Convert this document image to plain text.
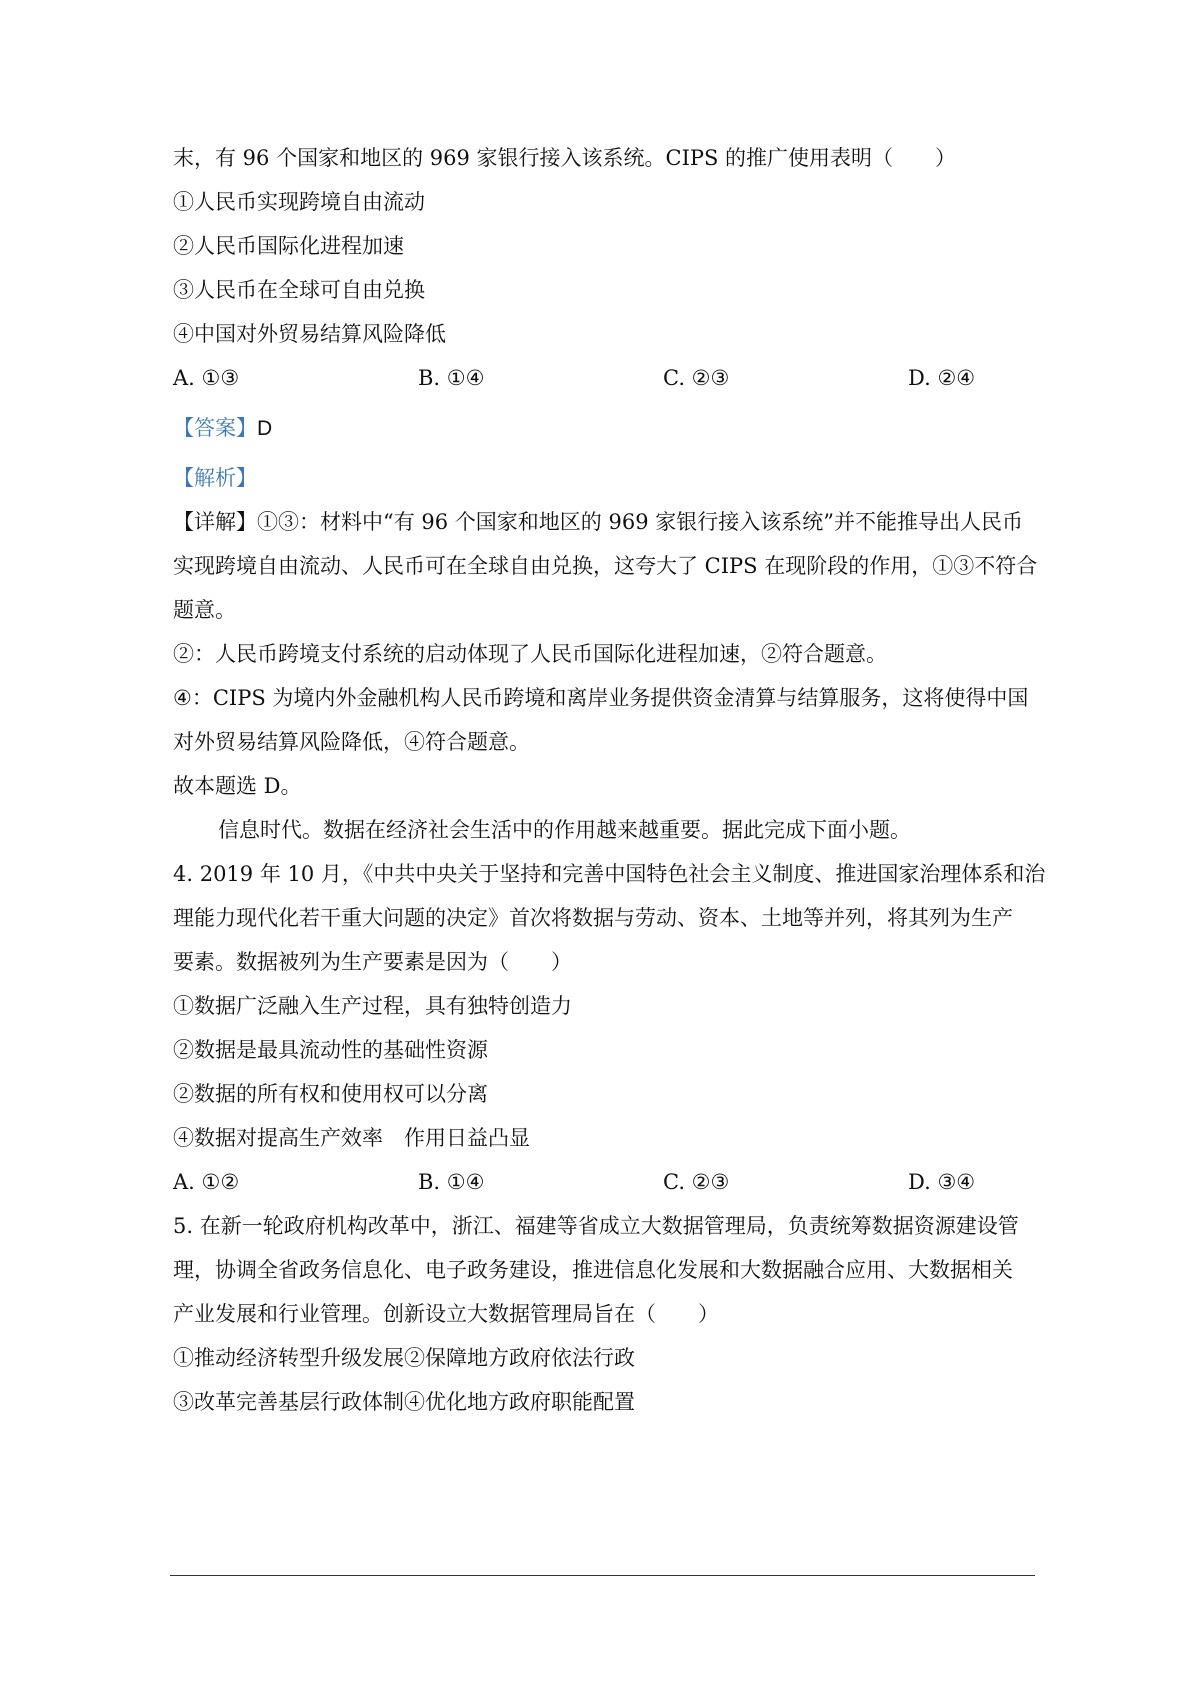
末，有 96 个国家和地区的 969 家银行接入该系统。CIPS 的推广使用表明（　　）
①人民币实现跨境自由流动
②人民币国际化进程加速
③人民币在全球可自由兑换
④中国对外贸易结算风险降低
A. ①③	B. ①④	C. ②③	D. ②④
【答案】D
【解析】
【详解】①③：材料中“有 96 个国家和地区的 969 家银行接入该系统”并不能推导出人民币
实现跨境自由流动、人民币可在全球自由兑换，这夸大了 CIPS 在现阶段的作用，①③不符合
题意。
②：人民币跨境支付系统的启动体现了人民币国际化进程加速，②符合题意。
④：CIPS 为境内外金融机构人民币跨境和离岸业务提供资金清算与结算服务，这将使得中国
对外贸易结算风险降低，④符合题意。
故本题选 D。
信息时代。数据在经济社会生活中的作用越来越重要。据此完成下面小题。
4. 2019 年 10 月，《中共中央关于坚持和完善中国特色社会主义制度、推进国家治理体系和治
理能力现代化若干重大问题的决定》首次将数据与劳动、资本、土地等并列，将其列为生产
要素。数据被列为生产要素是因为（　　）
①数据广泛融入生产过程，具有独特创造力
②数据是最具流动性的基础性资源
②数据的所有权和使用权可以分离
④数据对提高生产效率　作用日益凸显
A. ①②	B. ①④	C. ②③	D. ③④
5. 在新一轮政府机构改革中，浙江、福建等省成立大数据管理局，负责统筹数据资源建设管
理，协调全省政务信息化、电子政务建设，推进信息化发展和大数据融合应用、大数据相关
产业发展和行业管理。创新设立大数据管理局旨在（　　）
①推动经济转型升级发展②保障地方政府依法行政
③改革完善基层行政体制④优化地方政府职能配置
